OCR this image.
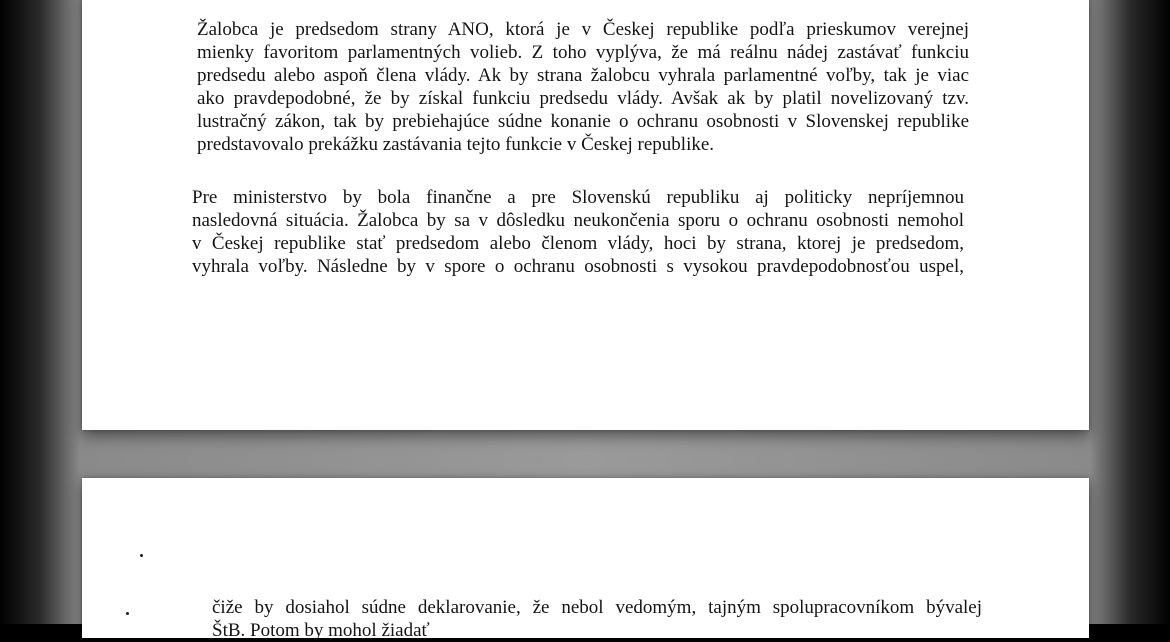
Žalobca je predsedom strany ANO, ktorá je v Českej republike podľa prieskumov verejnej
mienky favoritom parlamentných volieb. Z toho vyplýva, že má reálnu nádej zastávať funkciu
predsedu alebo aspoň člena vlády. Ak by strana žalobcu vyhrala parlamentné voľby, tak je viac
ako pravdepodobné, že by získal funkciu predsedu vlády. Avšak ak by platil novelizovaný tzv.
lustračný zákon, tak by prebiehajúce súdne konanie o ochranu osobnosti v Slovenskej republike
predstavovalo prekážku zastávania tejto funkcie v Českej republike.

Pre ministerstvo by bola finančne a pre Slovenskú republiku aj politicky nepríjemnou
nasledovná situácia. Žalobca by sa v dôsledku neukončenia sporu o ochranu osobnosti nemohol
v Českej republike stať predsedom alebo členom vlády, hoci by strana, ktorej je predsedom,
vyhrala voľby. Následne by v spore o ochranu osobnosti s vysokou pravdepodobnosťou uspel,

čiže by dosiahol súdne deklarovanie, že nebol vedomým, tajným spolupracovníkom bývalej

ŠtB. Potom by mohol žiadať
